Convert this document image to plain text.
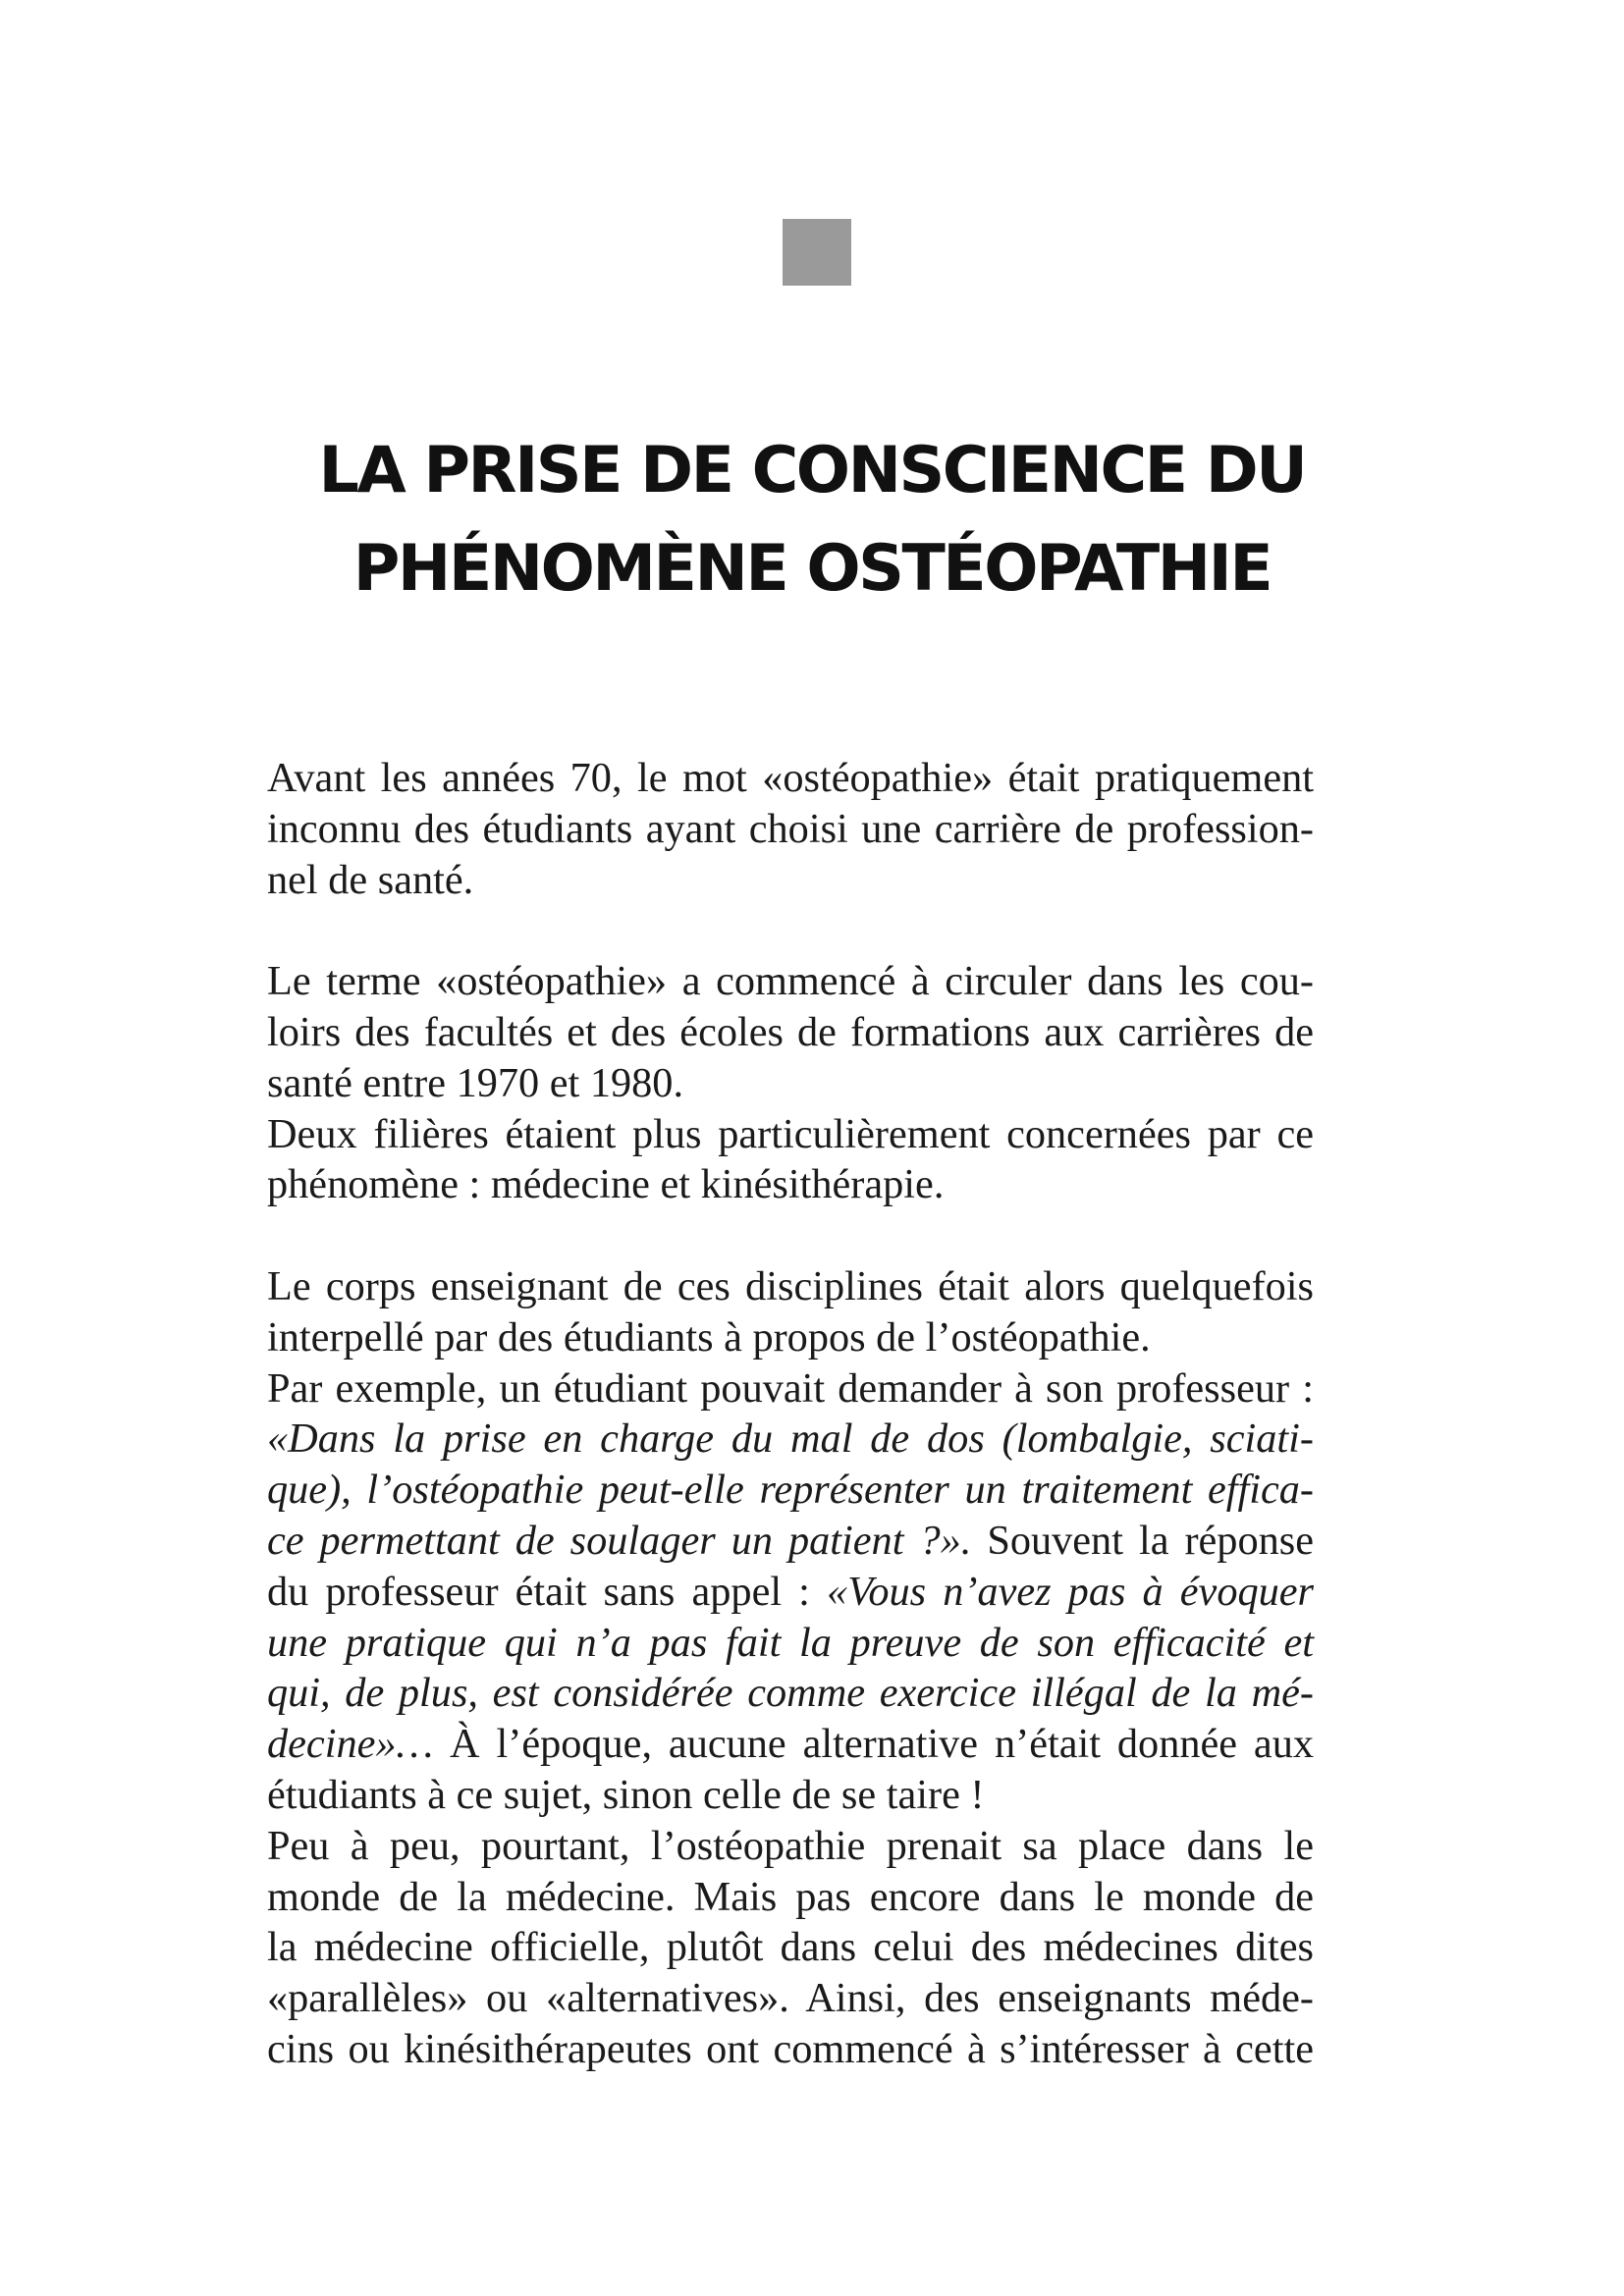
LA PRISE DE CONSCIENCE DU
PHÉNOMÈNE OSTÉOPATHIE
Avant les années 70, le mot «ostéopathie» était pratiquement
inconnu des étudiants ayant choisi une carrière de profession-
nel de santé.
Le terme «ostéopathie» a commencé à circuler dans les cou-
loirs des facultés et des écoles de formations aux carrières de
santé entre 1970 et 1980.
Deux filières étaient plus particulièrement concernées par ce
phénomène : médecine et kinésithérapie.
Le corps enseignant de ces disciplines était alors quelquefois
interpellé par des étudiants à propos de l’ostéopathie.
Par exemple, un étudiant pouvait demander à son professeur :
«Dans la prise en charge du mal de dos (lombalgie, sciati-
que), l’ostéopathie peut-elle représenter un traitement effica-
ce permettant de soulager un patient ?». Souvent la réponse
du professeur était sans appel : «Vous n’avez pas à évoquer
une pratique qui n’a pas fait la preuve de son efficacité et
qui, de plus, est considérée comme exercice illégal de la mé-
decine»… À l’époque, aucune alternative n’était donnée aux
étudiants à ce sujet, sinon celle de se taire !
Peu à peu, pourtant, l’ostéopathie prenait sa place dans le
monde de la médecine. Mais pas encore dans le monde de
la médecine officielle, plutôt dans celui des médecines dites
«parallèles» ou «alternatives». Ainsi, des enseignants méde-
cins ou kinésithérapeutes ont commencé à s’intéresser à cette
